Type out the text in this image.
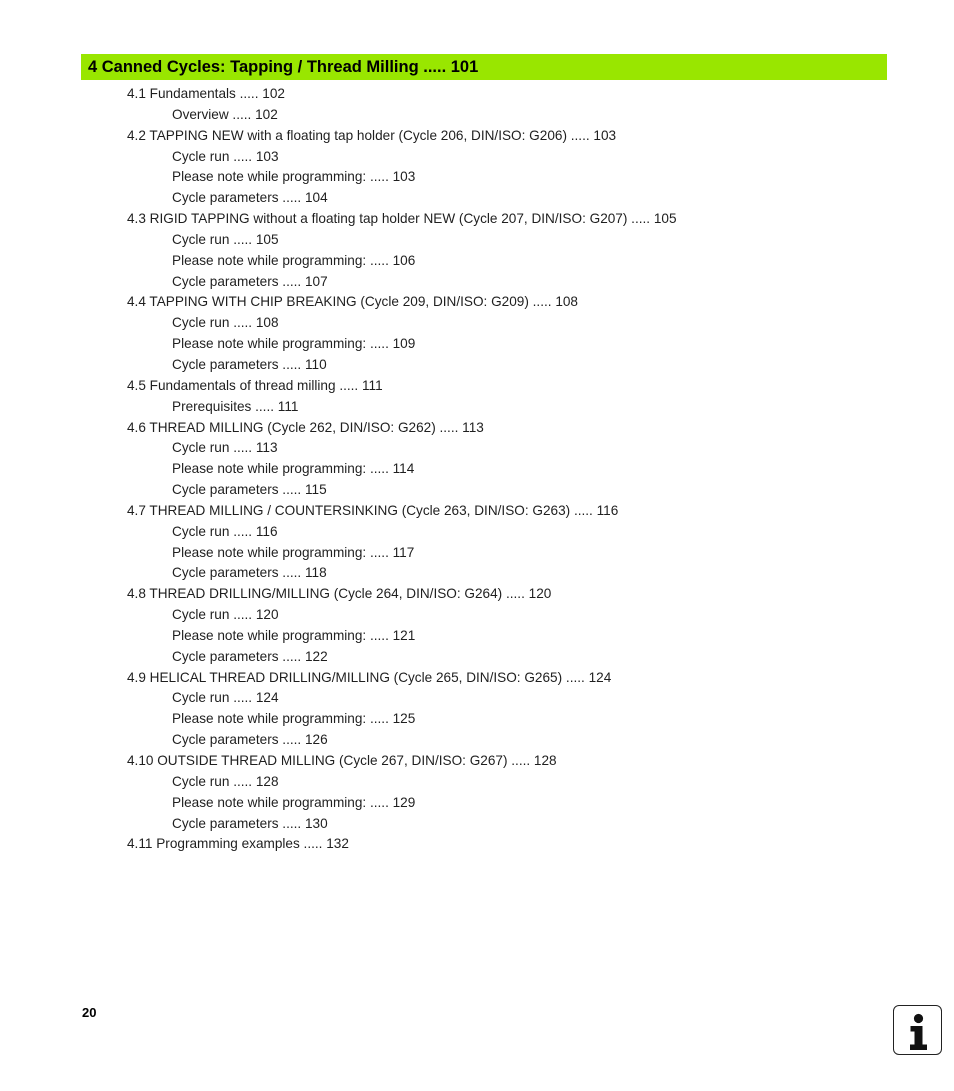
4 Canned Cycles: Tapping / Thread Milling ..... 101
4.1 Fundamentals ..... 102
Overview ..... 102
4.2 TAPPING NEW with a floating tap holder (Cycle 206, DIN/ISO: G206) ..... 103
Cycle run ..... 103
Please note while programming: ..... 103
Cycle parameters ..... 104
4.3 RIGID TAPPING without a floating tap holder NEW (Cycle 207, DIN/ISO: G207) ..... 105
Cycle run ..... 105
Please note while programming: ..... 106
Cycle parameters ..... 107
4.4 TAPPING WITH CHIP BREAKING (Cycle 209, DIN/ISO: G209) ..... 108
Cycle run ..... 108
Please note while programming: ..... 109
Cycle parameters ..... 110
4.5 Fundamentals of thread milling ..... 111
Prerequisites ..... 111
4.6 THREAD MILLING (Cycle 262, DIN/ISO: G262) ..... 113
Cycle run ..... 113
Please note while programming: ..... 114
Cycle parameters ..... 115
4.7 THREAD MILLING / COUNTERSINKING (Cycle 263, DIN/ISO: G263) ..... 116
Cycle run ..... 116
Please note while programming: ..... 117
Cycle parameters ..... 118
4.8 THREAD DRILLING/MILLING (Cycle 264, DIN/ISO: G264) ..... 120
Cycle run ..... 120
Please note while programming: ..... 121
Cycle parameters ..... 122
4.9 HELICAL THREAD DRILLING/MILLING (Cycle 265, DIN/ISO: G265) ..... 124
Cycle run ..... 124
Please note while programming: ..... 125
Cycle parameters ..... 126
4.10 OUTSIDE THREAD MILLING (Cycle 267, DIN/ISO: G267) ..... 128
Cycle run ..... 128
Please note while programming: ..... 129
Cycle parameters ..... 130
4.11 Programming examples ..... 132
20
